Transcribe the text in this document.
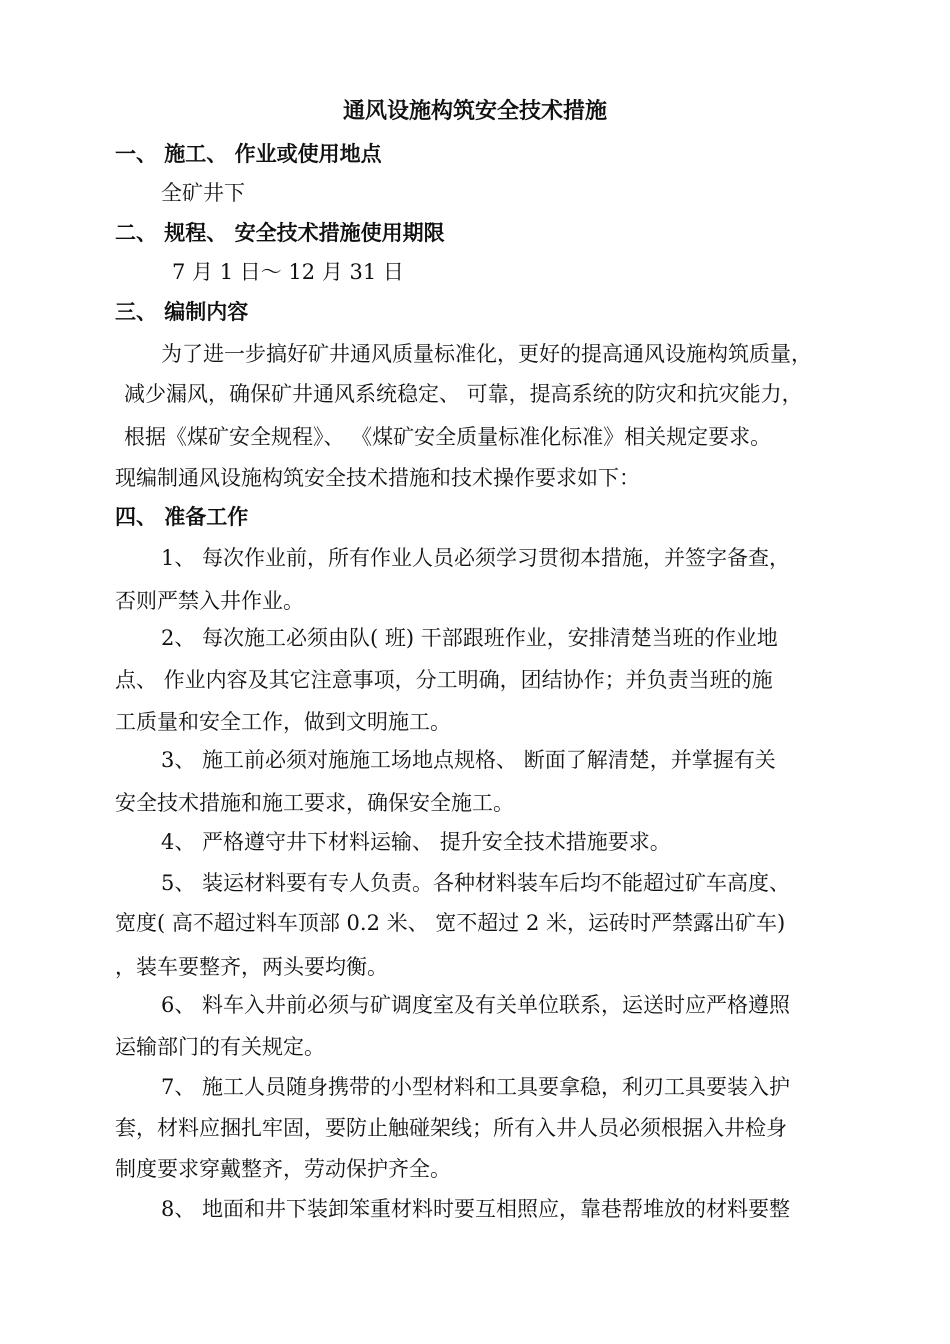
通风设施构筑安全技术措施
一、 施工、 作业或使用地点
全矿井下
二、 规程、 安全技术措施使用期限
7 月 1 日～ 12 月 31 日
三、 编制内容
为了进一步搞好矿井通风质量标准化，更好的提高通风设施构筑质量，
减少漏风，确保矿井通风系统稳定、 可靠，提高系统的防灾和抗灾能力，
根据《煤矿安全规程》、 《煤矿安全质量标准化标准》相关规定要求。
现编制通风设施构筑安全技术措施和技术操作要求如下：
四、 准备工作
1、 每次作业前，所有作业人员必须学习贯彻本措施，并签字备查，
否则严禁入井作业。
2、 每次施工必须由队( 班) 干部跟班作业，安排清楚当班的作业地
点、 作业内容及其它注意事项，分工明确，团结协作；并负责当班的施
工质量和安全工作，做到文明施工。
3、 施工前必须对施施工场地点规格、 断面了解清楚，并掌握有关
安全技术措施和施工要求，确保安全施工。
4、 严格遵守井下材料运输、 提升安全技术措施要求。
5、 装运材料要有专人负责。各种材料装车后均不能超过矿车高度、
宽度( 高不超过料车顶部 0.2 米、 宽不超过 2 米，运砖时严禁露出矿车)
，装车要整齐，两头要均衡。
6、 料车入井前必须与矿调度室及有关单位联系，运送时应严格遵照
运输部门的有关规定。
7、 施工人员随身携带的小型材料和工具要拿稳，利刃工具要装入护
套，材料应捆扎牢固，要防止触碰架线；所有入井人员必须根据入井检身
制度要求穿戴整齐，劳动保护齐全。
8、 地面和井下装卸笨重材料时要互相照应，靠巷帮堆放的材料要整
